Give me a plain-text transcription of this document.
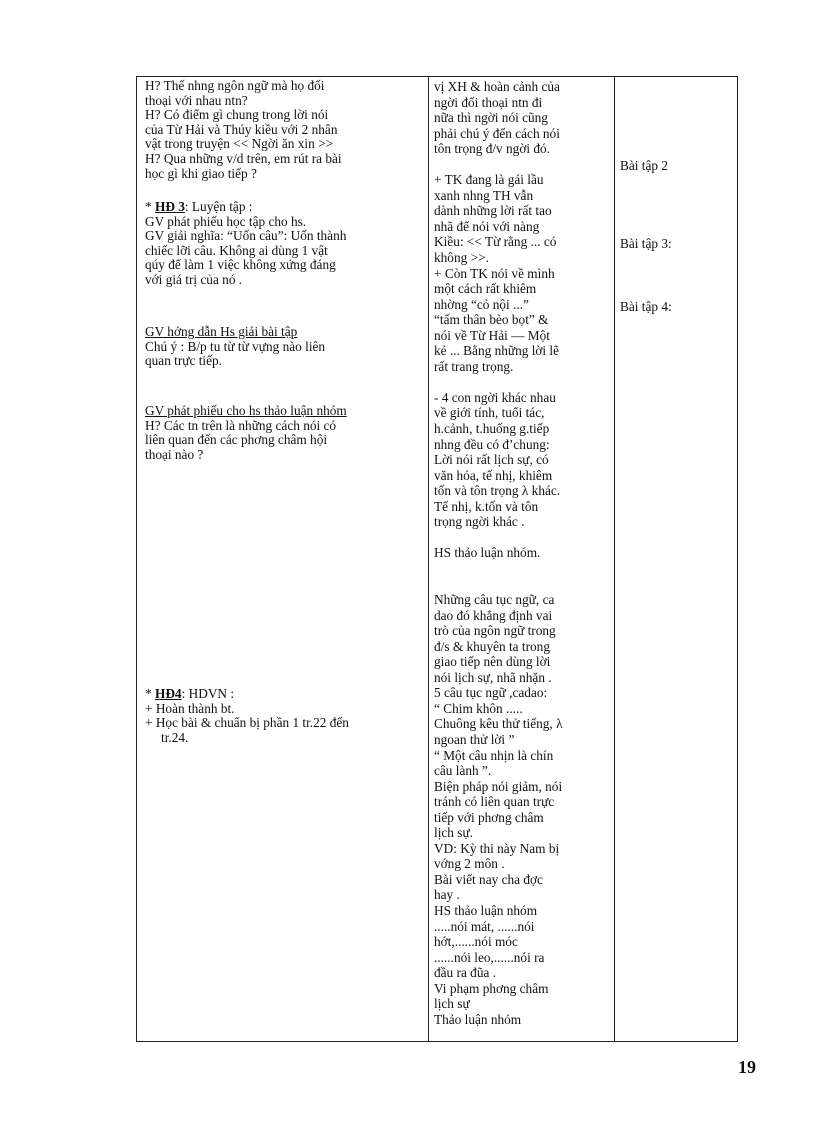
H? Thế nhng ngôn ngữ mà họ đối
thoại với nhau ntn?
H? Có điểm gì chung trong lời nói
của Từ Hải và Thúy kiều với 2 nhân
vật trong truyện << Ngời ăn xin >>
H? Qua những v/d trên, em rút ra bài
học gì khi giao tiếp ?
* HĐ 3: Luyện tập :
GV phát phiếu học tập cho hs.
GV giải nghĩa: “Uốn câu”: Uốn thành
chiếc lỡi câu. Không ai dùng 1 vật
qúy để làm 1 việc không xứng đáng
với giá trị của nó .
GV hớng dẫn Hs giải bài tập
Chú ý : B/p tu từ từ vựng nào liên
quan trực tiếp.
GV phát phiếu cho hs thảo luận nhóm
H? Các tn trên là những cách nói có
liên quan đến các phơng châm hội
thoại nào ?
* HĐ4: HDVN :
+ Hoàn thành bt.
+ Học bài & chuẩn bị phần 1 tr.22 đến
tr.24.
vị XH & hoàn cảnh của
ngời đối thoại ntn đi
nữa thì ngời nói cũng
phải chú ý đến cách nói
tôn trọng đ/v ngời đó.

+ TK đang là gái lầu
xanh nhng TH vẫn
dành những lời rất tao
nhã để nói với nàng
Kiều: << Từ rằng ... có
không >>.
+ Còn TK nói về mình
một cách rất khiêm
nhờng “cỏ nội ...”
“tấm thân bèo bọt” &
nói về Từ Hải — Một
kẻ ... Bằng những lời lẽ
rất trang trọng.

- 4 con ngời khác nhau
về giới tính, tuổi tác,
h.cảnh, t.huống g.tiếp
nhng đều có đ’chung:
Lời nói rất lịch sự, có
văn hóa, tế nhị, khiêm
tốn và tôn trọng λ khác.
Tế nhị, k.tốn và tôn
trọng ngời khác .

HS thảo luận nhóm.

Những câu tục ngữ, ca
dao đó khẳng định vai
trò của ngôn ngữ trong
đ/s & khuyên ta trong
giao tiếp nên dùng lời
nói lịch sự, nhã nhặn .
5 câu tục ngữ ,cadao:
“ Chim khôn .....
Chuông kêu thử tiếng, λ
ngoan thử lời ”
“ Một câu nhịn là chín
câu lành ”.
Biện pháp nói giảm, nói
tránh có liên quan trực
tiếp với phơng châm
lịch sự.
VD: Kỳ thi này Nam bị
vớng 2 môn .
Bài viết nay cha đợc
hay .
HS thảo luận nhóm
.....nói mát, ......nói
hớt,......nói móc
......nói leo,......nói ra
đầu ra đũa .
Vi phạm phơng châm
lịch sự
Thảo luận nhóm
Bài tập 2
Bài tập 3:
Bài tập 4:
19
